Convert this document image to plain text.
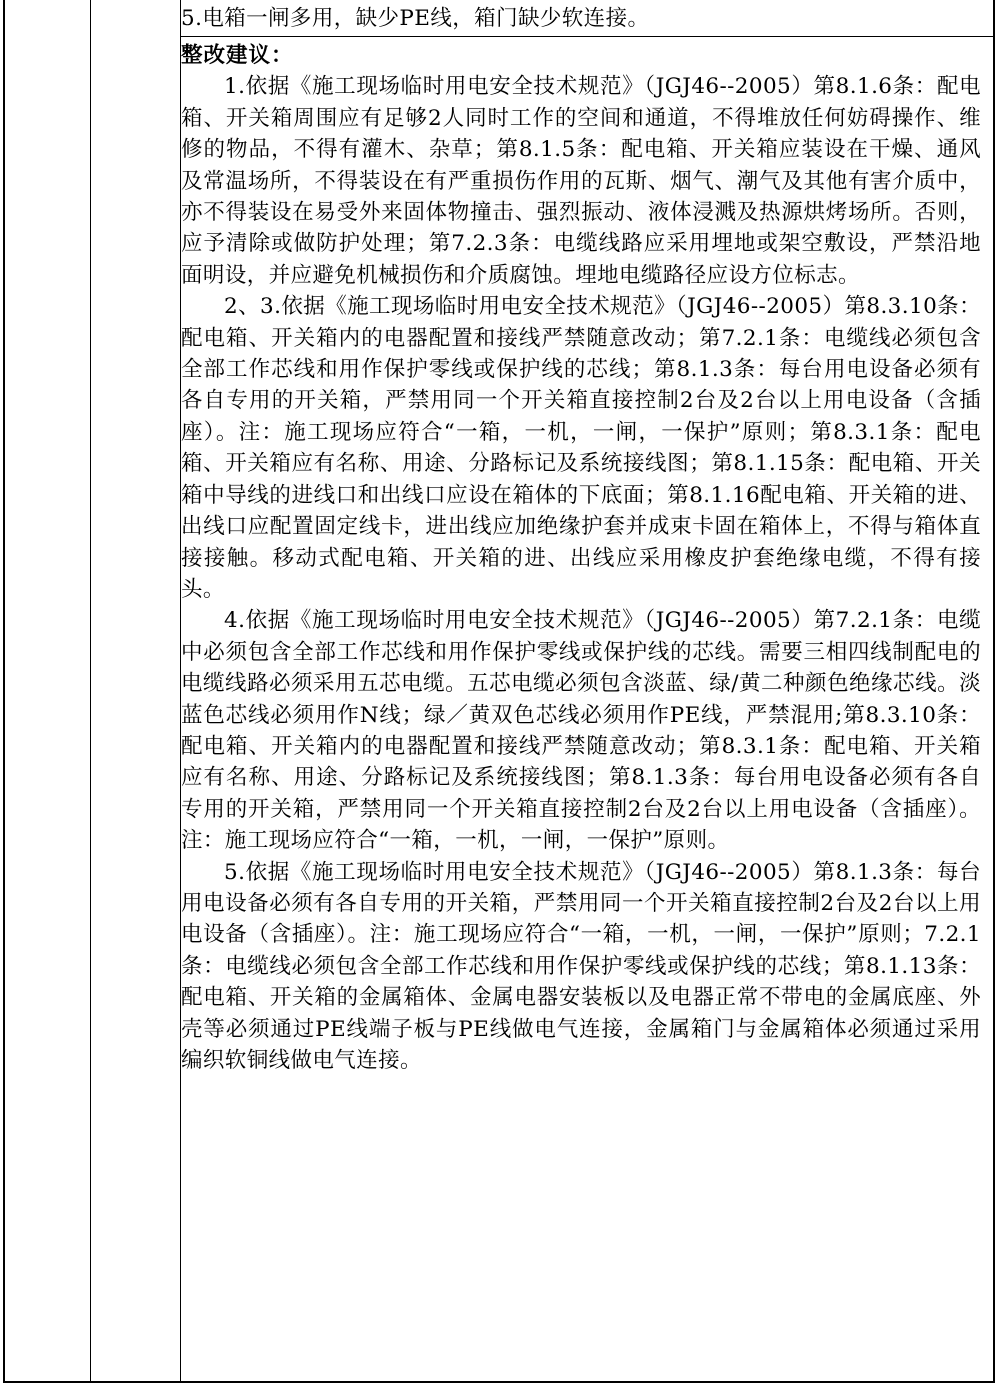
5.电箱一闸多用，缺少PE线，箱门缺少软连接。
整改建议：

1.依据《施工现场临时用电安全技术规范》（JGJ46--2005）第8.1.6条：配电箱、开关箱周围应有足够2人同时工作的空间和通道，不得堆放任何妨碍操作、维修的物品，不得有灌木、杂草；第8.1.5条：配电箱、开关箱应装设在干燥、通风及常温场所，不得装设在有严重损伤作用的瓦斯、烟气、潮气及其他有害介质中，亦不得装设在易受外来固体物撞击、强烈振动、液体浸溅及热源烘烤场所。否则，应予清除或做防护处理；第7.2.3条：电缆线路应采用埋地或架空敷设，严禁沿地面明设，并应避免机械损伤和介质腐蚀。埋地电缆路径应设方位标志。

2、3.依据《施工现场临时用电安全技术规范》（JGJ46--2005）第8.3.10条：配电箱、开关箱内的电器配置和接线严禁随意改动；第7.2.1条：电缆线必须包含全部工作芯线和用作保护零线或保护线的芯线；第8.1.3条：每台用电设备必须有各自专用的开关箱，严禁用同一个开关箱直接控制2台及2台以上用电设备（含插座）。注：施工现场应符合“一箱，一机，一闸，一保护”原则；第8.3.1条：配电箱、开关箱应有名称、用途、分路标记及系统接线图；第8.1.15条：配电箱、开关箱中导线的进线口和出线口应设在箱体的下底面；第8.1.16配电箱、开关箱的进、出线口应配置固定线卡，进出线应加绝缘护套并成束卡固在箱体上，不得与箱体直接接触。移动式配电箱、开关箱的进、出线应采用橡皮护套绝缘电缆，不得有接头。

4.依据《施工现场临时用电安全技术规范》（JGJ46--2005）第7.2.1条：电缆中必须包含全部工作芯线和用作保护零线或保护线的芯线。需要三相四线制配电的电缆线路必须采用五芯电缆。五芯电缆必须包含淡蓝、绿/黄二种颜色绝缘芯线。淡蓝色芯线必须用作N线；绿／黄双色芯线必须用作PE线，严禁混用;第8.3.10条：配电箱、开关箱内的电器配置和接线严禁随意改动；第8.3.1条：配电箱、开关箱应有名称、用途、分路标记及系统接线图；第8.1.3条：每台用电设备必须有各自专用的开关箱，严禁用同一个开关箱直接控制2台及2台以上用电设备（含插座）。注：施工现场应符合“一箱，一机，一闸，一保护”原则。

5.依据《施工现场临时用电安全技术规范》（JGJ46--2005）第8.1.3条：每台用电设备必须有各自专用的开关箱，严禁用同一个开关箱直接控制2台及2台以上用电设备（含插座）。注：施工现场应符合“一箱，一机，一闸，一保护”原则；7.2.1条：电缆线必须包含全部工作芯线和用作保护零线或保护线的芯线；第8.1.13条：配电箱、开关箱的金属箱体、金属电器安装板以及电器正常不带电的金属底座、外壳等必须通过PE线端子板与PE线做电气连接，金属箱门与金属箱体必须通过采用编织软铜线做电气连接。
